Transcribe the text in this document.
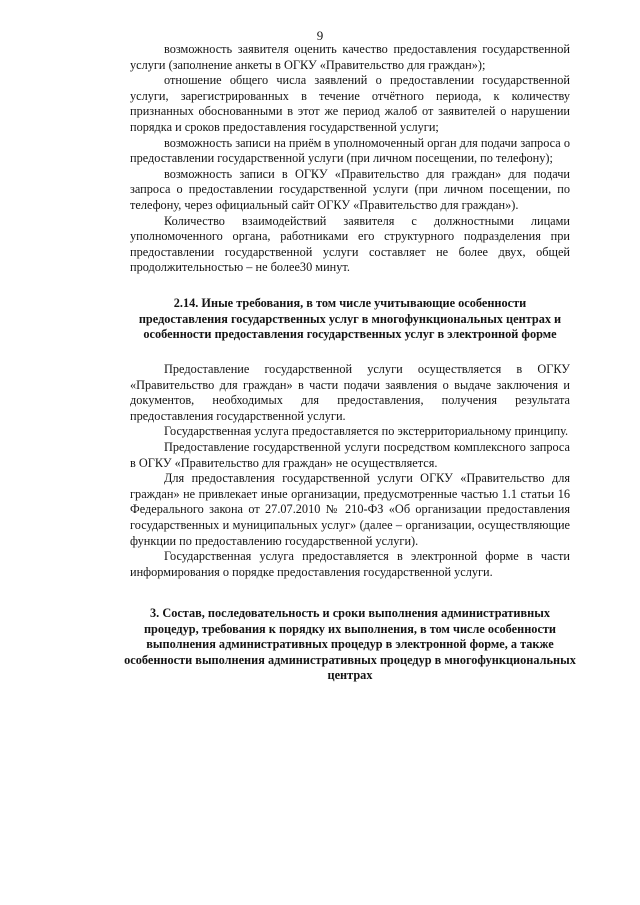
9

возможность заявителя оценить качество предоставления государственной услуги (заполнение анкеты в ОГКУ «Правительство для граждан»);

отношение общего числа заявлений о предоставлении государственной услуги, зарегистрированных в течение отчётного периода, к количеству признанных обоснованными в этот же период жалоб от заявителей о нарушении порядка и сроков предоставления государственной услуги;

возможность записи на приём в уполномоченный орган для подачи запроса о предоставлении государственной услуги (при личном посещении, по телефону);

возможность записи в ОГКУ «Правительство для граждан» для подачи запроса о предоставлении государственной услуги (при личном посещении, по телефону, через официальный сайт ОГКУ «Правительство для граждан»).

Количество взаимодействий заявителя с должностными лицами уполномоченного органа, работниками его структурного подразделения при предоставлении государственной услуги составляет не более двух, общей продолжительностью – не более30 минут.

2.14. Иные требования, в том числе учитывающие особенности предоставления государственных услуг в многофункциональных центрах и особенности предоставления государственных услуг в электронной форме

Предоставление государственной услуги осуществляется в ОГКУ «Правительство для граждан» в части подачи заявления о выдаче заключения и документов, необходимых для предоставления, получения результата предоставления государственной услуги.

Государственная услуга предоставляется по экстерриториальному принципу.

Предоставление государственной услуги посредством комплексного запроса в ОГКУ «Правительство для граждан» не осуществляется.

Для предоставления государственной услуги ОГКУ «Правительство для граждан» не привлекает иные организации, предусмотренные частью 1.1 статьи 16 Федерального закона от 27.07.2010 № 210-ФЗ «Об организации предоставления государственных и муниципальных услуг» (далее – организации, осуществляющие функции по предоставлению государственной услуги).

Государственная услуга предоставляется в электронной форме в части информирования о порядке предоставления государственной услуги.

3. Состав, последовательность и сроки выполнения административных процедур, требования к порядку их выполнения, в том числе особенности выполнения административных процедур в электронной форме, а также особенности выполнения административных процедур в многофункциональных центрах
